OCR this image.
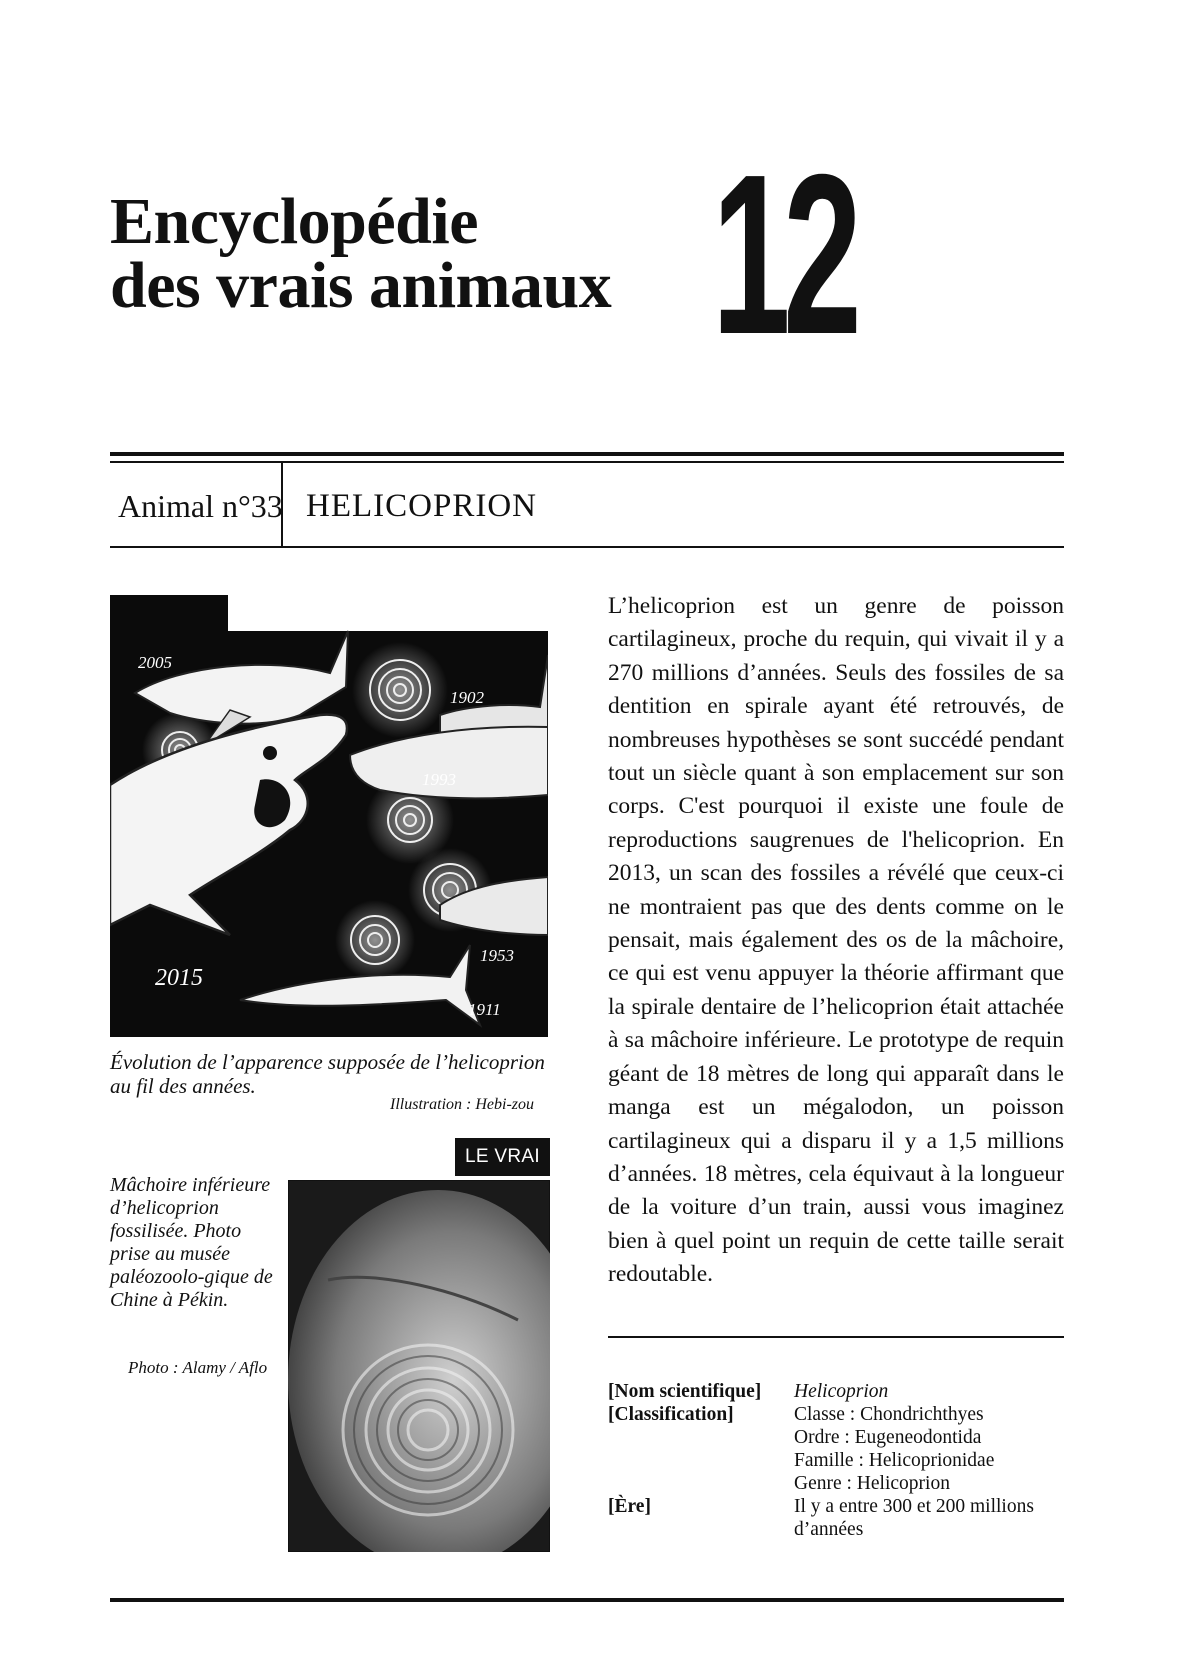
Encyclopédie
des vrais animaux 12
Animal n°33 HELICOPRION
2005
1902
1993
2015
1953
1911
Évolution de l’apparence supposée de l’helicoprion au fil des années.
Illustration : Hebi-zou
LE VRAI
Mâchoire inférieure d’helicoprion fossilisée. Photo prise au musée paléozoolo-gique de Chine à Pékin.
Photo : Alamy / Aflo

L’helicoprion est un genre de poisson cartilagineux, proche du requin, qui vivait il y a 270 millions d’années. Seuls des fossiles de sa dentition en spirale ayant été retrouvés, de nombreuses hypothèses se sont succédé pendant tout un siècle quant à son emplacement sur son corps. C'est pourquoi il existe une foule de reproductions saugrenues de l'helicoprion. En 2013, un scan des fossiles a révélé que ceux-ci ne montraient pas que des dents comme on le pensait, mais également des os de la mâchoire, ce qui est venu appuyer la théorie affirmant que la spirale dentaire de l’helicoprion était attachée à sa mâchoire inférieure. Le prototype de requin géant de 18 mètres de long qui apparaît dans le manga est un mégalodon, un poisson cartilagineux qui a disparu il y a 1,5 millions d’années. 18 mètres, cela équivaut à la longueur de la voiture d’un train, aussi vous imaginez bien à quel point un requin de cette taille serait redoutable.

[Nom scientifique] Helicoprion
[Classification]	Classe : Chondrichthyes
Ordre : Eugeneodontida
Famille : Helicoprionidae
Genre : Helicoprion
[Ère]	Il y a entre 300 et 200 millions
d’années
